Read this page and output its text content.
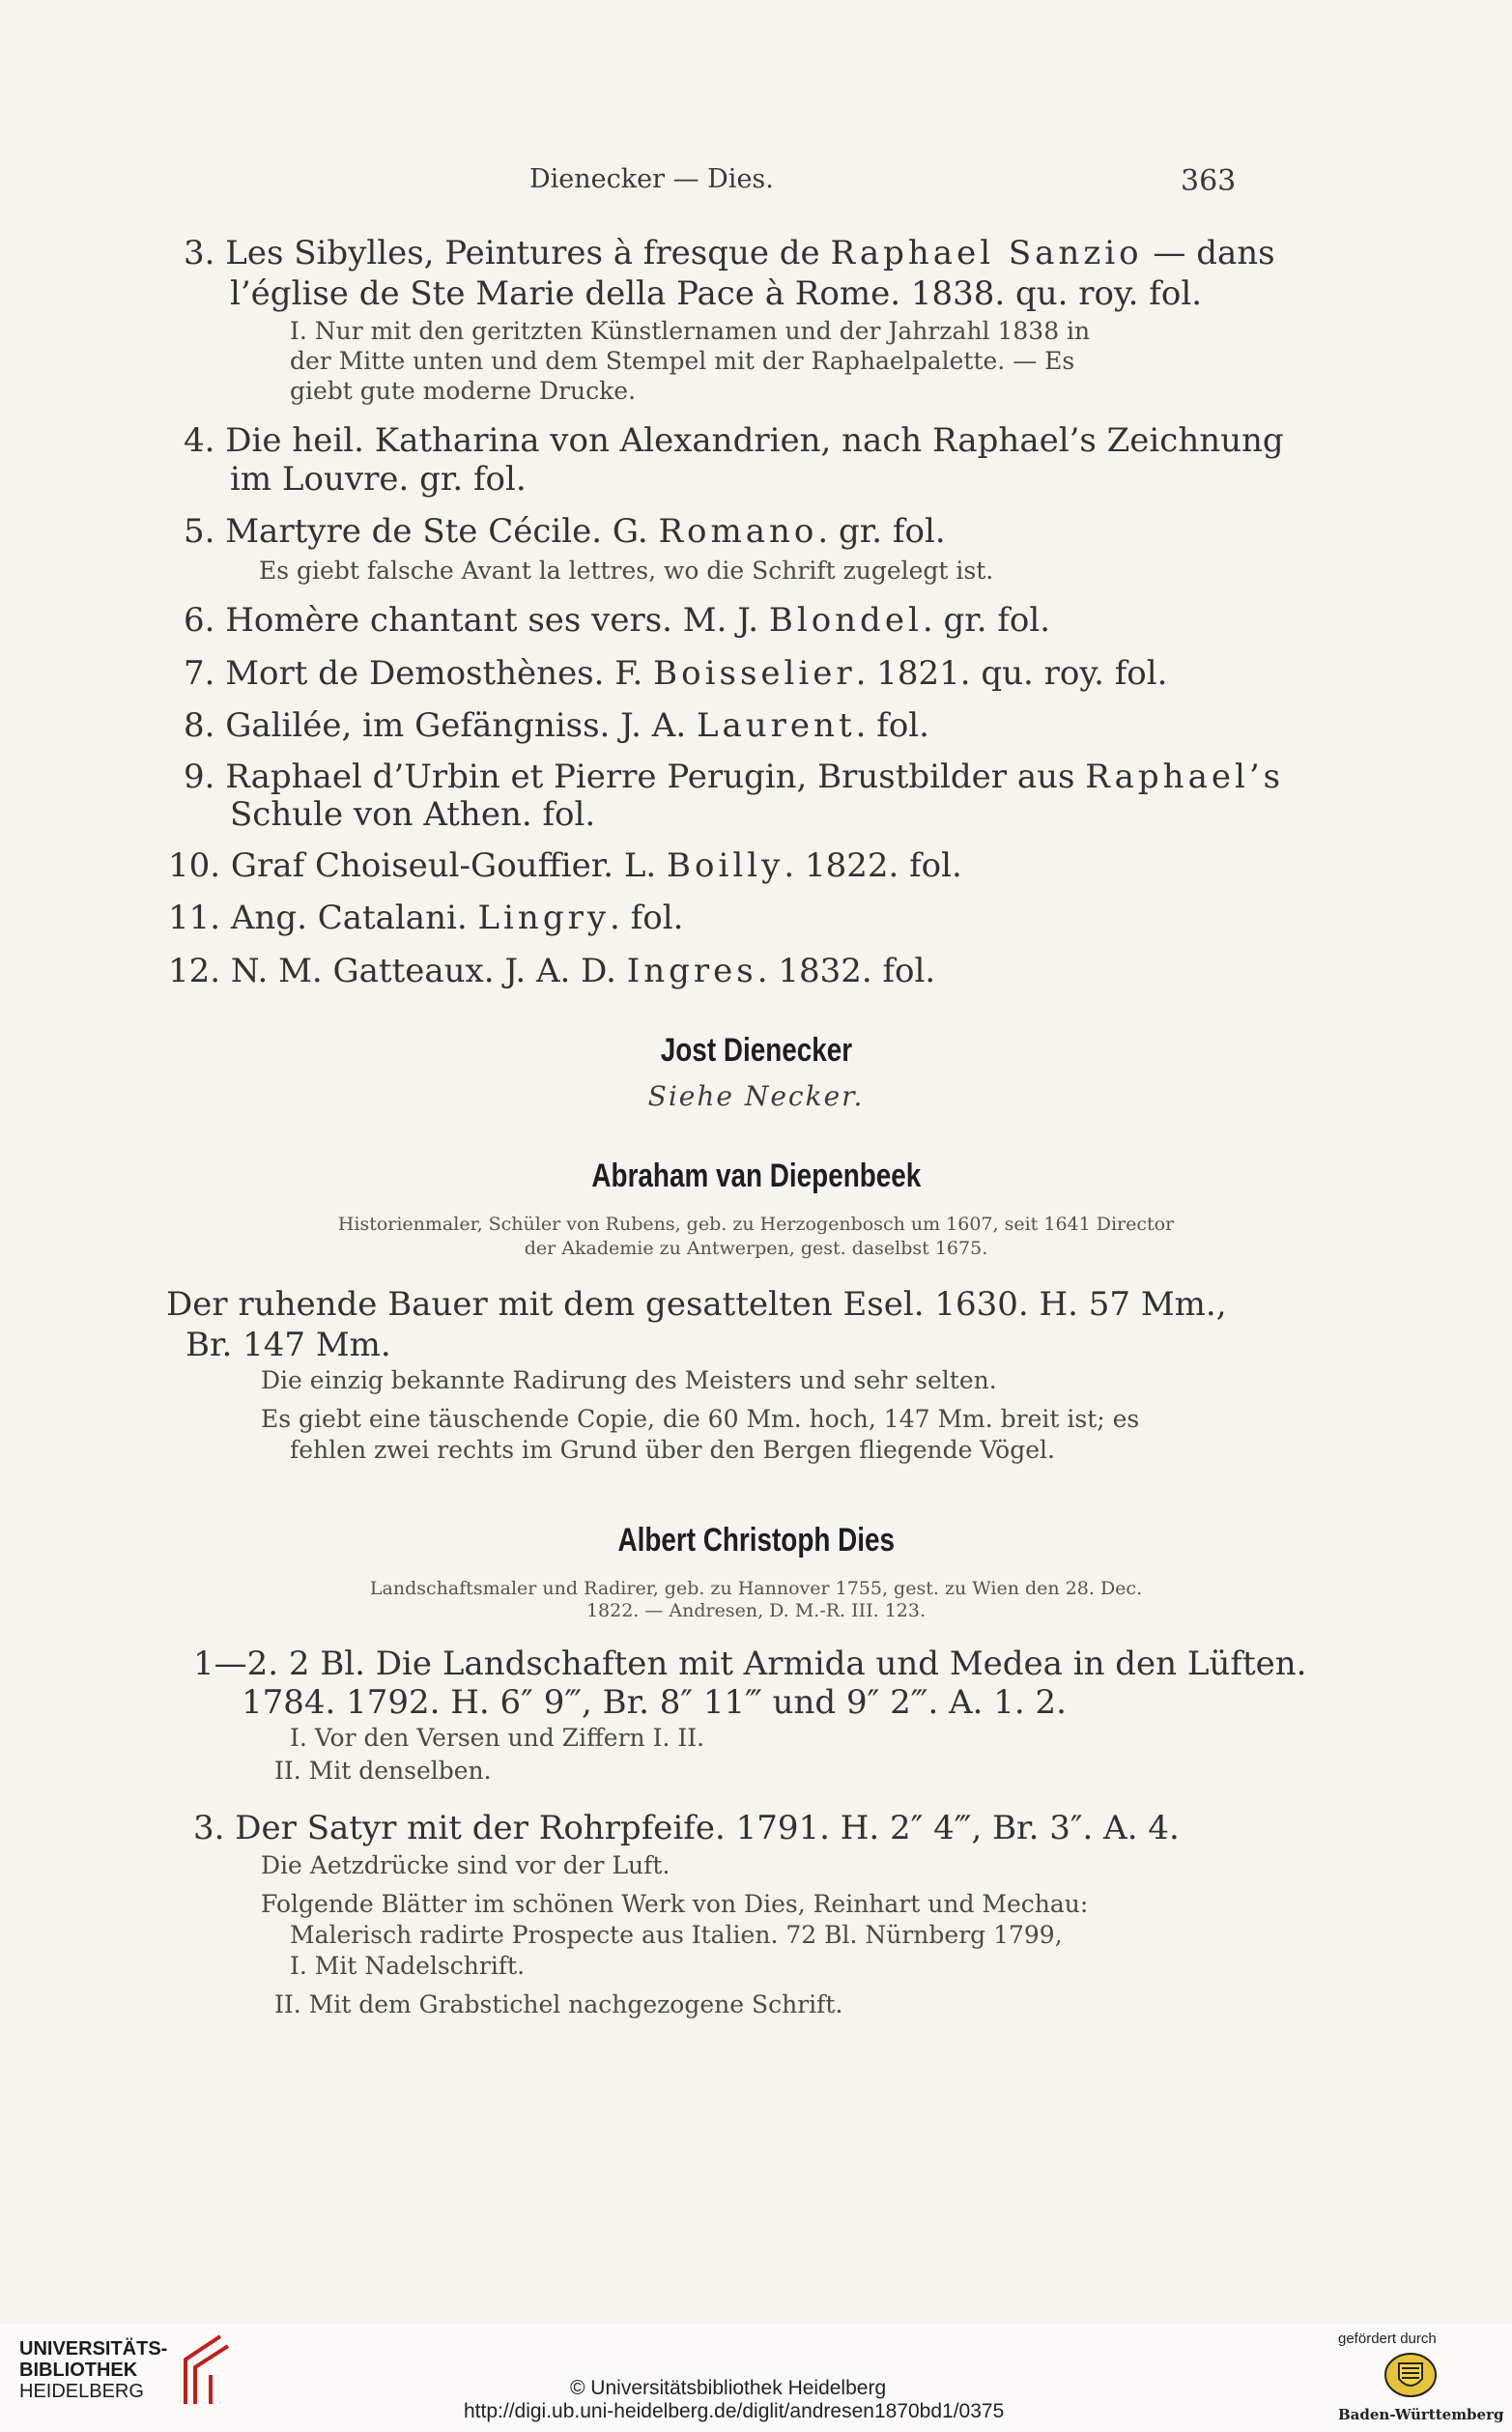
Dienecker — Dies.	363
3. Les Sibylles, Peintures à fresque de Raphael Sanzio — dans
l’église de Ste Marie della Pace à Rome. 1838. qu. roy. fol.
I. Nur mit den geritzten Künstlernamen und der Jahrzahl 1838 in
der Mitte unten und dem Stempel mit der Raphaelpalette. — Es
giebt gute moderne Drucke.
4. Die heil. Katharina von Alexandrien, nach Raphael’s Zeichnung
im Louvre. gr. fol.
5. Martyre de Ste Cécile. G. Romano. gr. fol.
Es giebt falsche Avant la lettres, wo die Schrift zugelegt ist.
6. Homère chantant ses vers. M. J. Blondel. gr. fol.
7. Mort de Demosthènes. F. Boisselier. 1821. qu. roy. fol.
8. Galilée, im Gefängniss. J. A. Laurent. fol.
9. Raphael d’Urbin et Pierre Perugin, Brustbilder aus Raphael’s
Schule von Athen. fol.
10. Graf Choiseul-Gouffier. L. Boilly. 1822. fol.
11. Ang. Catalani. Lingry. fol.
12. N. M. Gatteaux. J. A. D. Ingres. 1832. fol.
Jost Dienecker
Siehe Necker.
Abraham van Diepenbeek
Historienmaler, Schüler von Rubens, geb. zu Herzogenbosch um 1607, seit 1641 Director
der Akademie zu Antwerpen, gest. daselbst 1675.
Der ruhende Bauer mit dem gesattelten Esel. 1630. H. 57 Mm.,
Br. 147 Mm.
Die einzig bekannte Radirung des Meisters und sehr selten.
Es giebt eine täuschende Copie, die 60 Mm. hoch, 147 Mm. breit ist; es
fehlen zwei rechts im Grund über den Bergen fliegende Vögel.
Albert Christoph Dies
Landschaftsmaler und Radirer, geb. zu Hannover 1755, gest. zu Wien den 28. Dec.
1822. — Andresen, D. M.-R. III. 123.
1—2. 2 Bl. Die Landschaften mit Armida und Medea in den Lüften.
1784. 1792. H. 6″ 9‴, Br. 8″ 11‴ und 9″ 2‴. A. 1. 2.
I. Vor den Versen und Ziffern I. II.
II. Mit denselben.
3. Der Satyr mit der Rohrpfeife. 1791. H. 2″ 4‴, Br. 3″. A. 4.
Die Aetzdrücke sind vor der Luft.
Folgende Blätter im schönen Werk von Dies, Reinhart und Mechau:
Malerisch radirte Prospecte aus Italien. 72 Bl. Nürnberg 1799,
I. Mit Nadelschrift.
II. Mit dem Grabstichel nachgezogene Schrift.
UNIVERSITÄTS-
BIBLIOTHEK
HEIDELBERG	© Universitätsbibliothek Heidelberg
http://digi.ub.uni-heidelberg.de/diglit/andresen1870bd1/0375
gefördert durch
Baden-Württemberg
